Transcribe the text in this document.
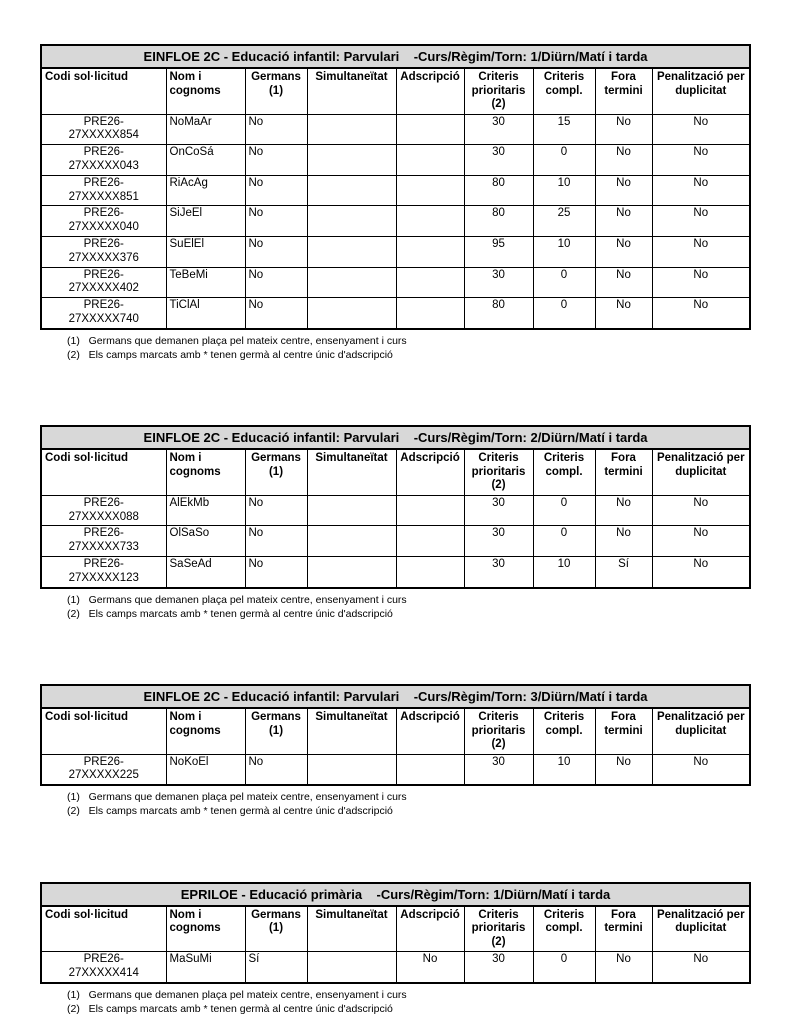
EINFLOE 2C - Educació infantil: Parvulari    -Curs/Règim/Torn: 1/Diürn/Matí i tarda								
Codi sol·licitud	Nom i cognoms	Germans (1)	Simultaneïtat	Adscripció	Criteris prioritaris (2)	Criteris compl.	Fora termini	Penalització per duplicitat

PRE26-
27XXXXX854	NoMaAr	No			30	15	No	No

PRE26-
27XXXXX043	OnCoSá	No			30	0	No	No

PRE26-
27XXXXX851	RiAcAg	No			80	10	No	No

PRE26-
27XXXXX040	SiJeEl	No			80	25	No	No

PRE26-
27XXXXX376	SuElEl	No			95	10	No	No

PRE26-
27XXXXX402	TeBeMi	No			30	0	No	No

PRE26-
27XXXXX740	TiClAl	No			80	0	No	No
(1)   Germans que demanen plaça pel mateix centre, ensenyament i curs
(2)   Els camps marcats amb * tenen germà al centre únic d'adscripció
EINFLOE 2C - Educació infantil: Parvulari    -Curs/Règim/Torn: 2/Diürn/Matí i tarda								
Codi sol·licitud	Nom i cognoms	Germans (1)	Simultaneïtat	Adscripció	Criteris prioritaris (2)	Criteris compl.	Fora termini	Penalització per duplicitat

PRE26-
27XXXXX088	AlEkMb	No			30	0	No	No

PRE26-
27XXXXX733	OlSaSo	No			30	0	No	No

PRE26-
27XXXXX123	SaSeAd	No			30	10	Sí	No
(1)   Germans que demanen plaça pel mateix centre, ensenyament i curs
(2)   Els camps marcats amb * tenen germà al centre únic d'adscripció
EINFLOE 2C - Educació infantil: Parvulari    -Curs/Règim/Torn: 3/Diürn/Matí i tarda								
Codi sol·licitud	Nom i cognoms	Germans (1)	Simultaneïtat	Adscripció	Criteris prioritaris (2)	Criteris compl.	Fora termini	Penalització per duplicitat

PRE26-
27XXXXX225	NoKoEl	No			30	10	No	No
(1)   Germans que demanen plaça pel mateix centre, ensenyament i curs
(2)   Els camps marcats amb * tenen germà al centre únic d'adscripció
EPRILOE - Educació primària    -Curs/Règim/Torn: 1/Diürn/Matí i tarda								
Codi sol·licitud	Nom i cognoms	Germans (1)	Simultaneïtat	Adscripció	Criteris prioritaris (2)	Criteris compl.	Fora termini	Penalització per duplicitat

PRE26-
27XXXXX414	MaSuMi	Sí		No	30	0	No	No
(1)   Germans que demanen plaça pel mateix centre, ensenyament i curs
(2)   Els camps marcats amb * tenen germà al centre únic d'adscripció
